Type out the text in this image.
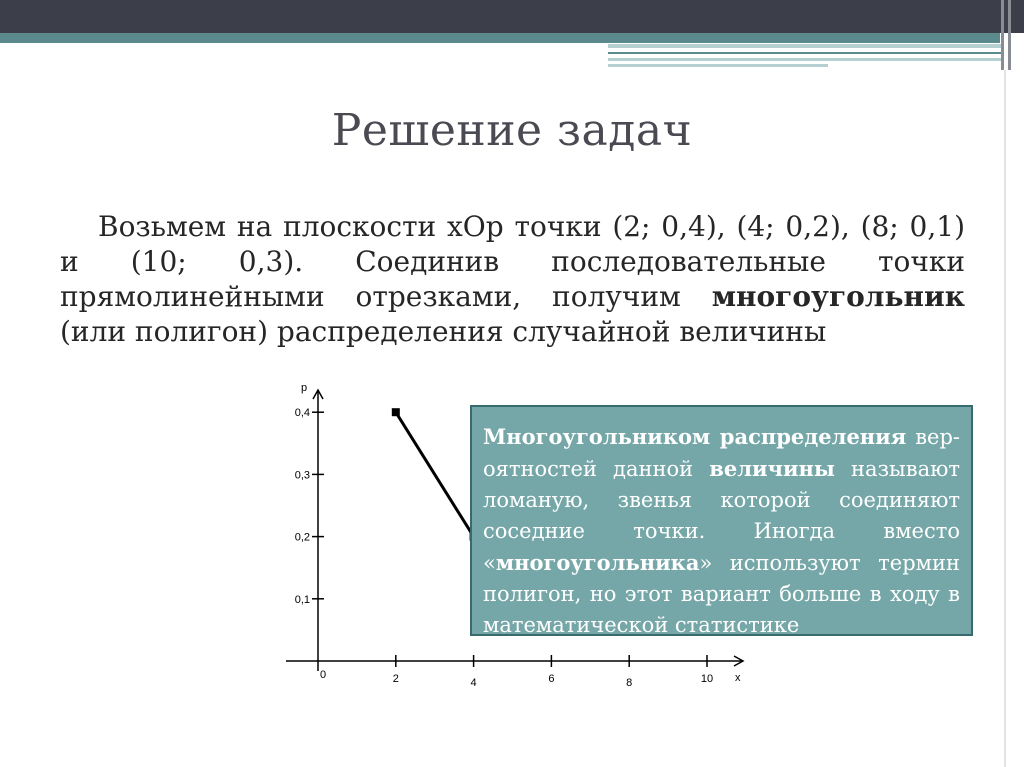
Решение задач
Возьмем на плоскости хОр точки (2; 0,4), (4; 0,2), (8; 0,1) и (10; 0,3). Соединив последовательные точки прямолинейными отрезками, получим многоугольник (или полигон) распределения случайной величины
x
p
0	2	4	6	8	10
0,1
0,2
0,3
0,4
Многоугольником распределения вероятностей данной величины называют ломаную, звенья которой соединяют соседние точки. Иногда вместо «многоугольника» используют термин полигон, но этот вариант больше в ходу в математической статистике
